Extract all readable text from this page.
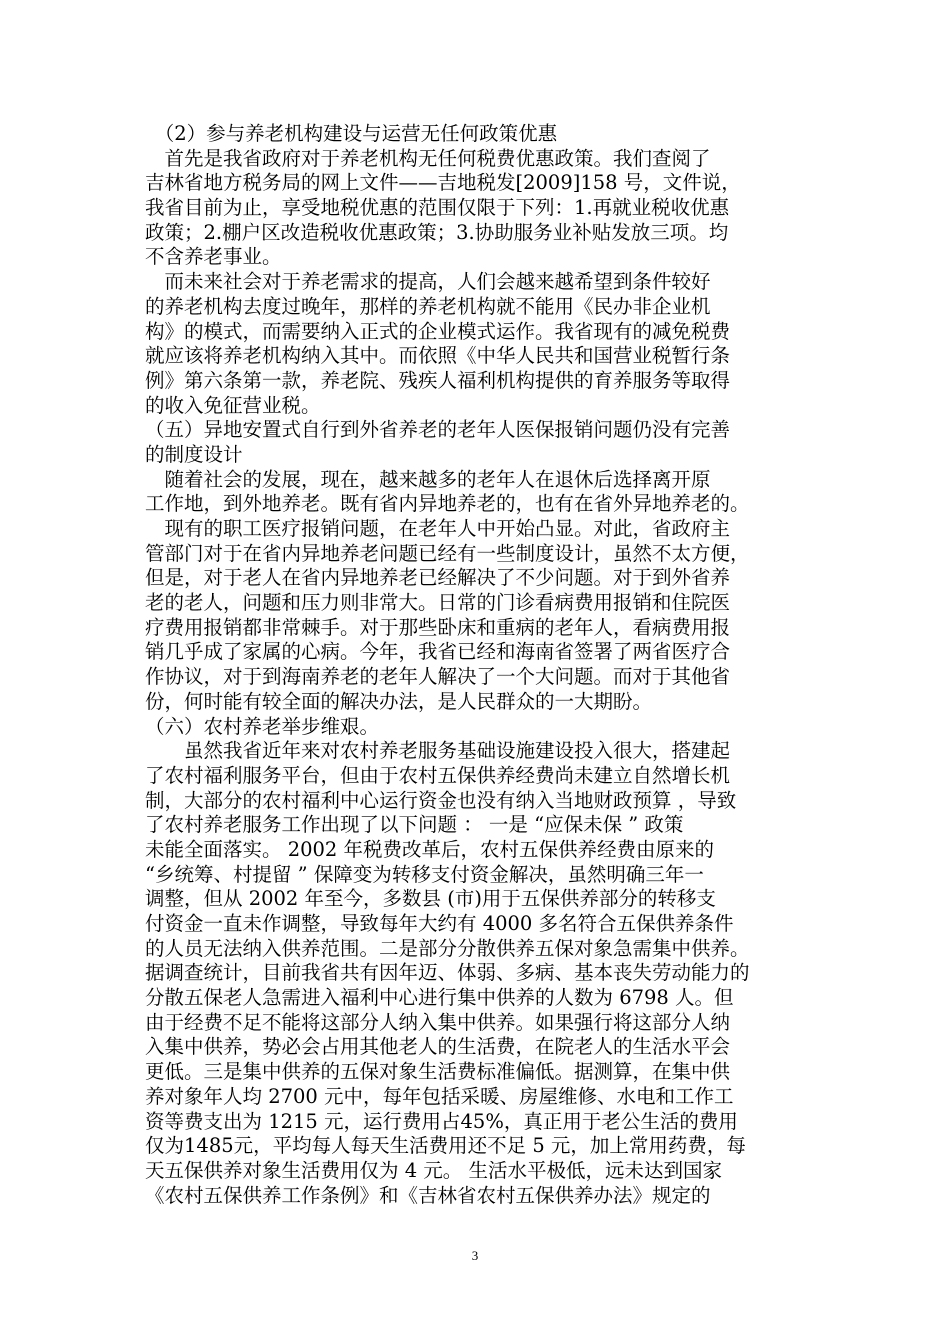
　（2）参与养老机构建设与运营无任何政策优惠
　首先是我省政府对于养老机构无任何税费优惠政策。我们查阅了
吉林省地方税务局的网上文件——吉地税发[2009]158 号，文件说，
我省目前为止，享受地税优惠的范围仅限于下列：1.再就业税收优惠
政策；2.棚户区改造税收优惠政策；3.协助服务业补贴发放三项。均
不含养老事业。
　而未来社会对于养老需求的提高，人们会越来越希望到条件较好
的养老机构去度过晚年，那样的养老机构就不能用《民办非企业机
构》的模式，而需要纳入正式的企业模式运作。我省现有的减免税费
就应该将养老机构纳入其中。而依照《中华人民共和国营业税暂行条
例》第六条第一款，养老院、残疾人福利机构提供的育养服务等取得
的收入免征营业税。
（五）异地安置式自行到外省养老的老年人医保报销问题仍没有完善
的制度设计
　随着社会的发展，现在，越来越多的老年人在退休后选择离开原
工作地，到外地养老。既有省内异地养老的，也有在省外异地养老的。
　现有的职工医疗报销问题，在老年人中开始凸显。对此，省政府主
管部门对于在省内异地养老问题已经有一些制度设计，虽然不太方便，
但是，对于老人在省内异地养老已经解决了不少问题。对于到外省养
老的老人，问题和压力则非常大。日常的门诊看病费用报销和住院医
疗费用报销都非常棘手。对于那些卧床和重病的老年人，看病费用报
销几乎成了家属的心病。今年，我省已经和海南省签署了两省医疗合
作协议，对于到海南养老的老年人解决了一个大问题。而对于其他省
份，何时能有较全面的解决办法，是人民群众的一大期盼。
（六）农村养老举步维艰。
　　虽然我省近年来对农村养老服务基础设施建设投入很大，搭建起
了农村福利服务平台，但由于农村五保供养经费尚未建立自然增长机
制，大部分的农村福利中心运行资金也没有纳入当地财政预算 ，导致
了农村养老服务工作出现了以下问题 ： 一是 “应保未保 ” 政策
未能全面落实。 2002 年税费改革后，农村五保供养经费由原来的
“乡统筹、村提留 ” 保障变为转移支付资金解决，虽然明确三年一
调整，但从 2002 年至今，多数县 (市)用于五保供养部分的转移支
付资金一直未作调整，导致每年大约有 4000 多名符合五保供养条件
的人员无法纳入供养范围。二是部分分散供养五保对象急需集中供养。
据调查统计，目前我省共有因年迈、体弱、多病、基本丧失劳动能力的
分散五保老人急需进入福利中心进行集中供养的人数为 6798 人。但
由于经费不足不能将这部分人纳入集中供养。如果强行将这部分人纳
入集中供养，势必会占用其他老人的生活费，在院老人的生活水平会
更低。三是集中供养的五保对象生活费标准偏低。据测算，在集中供
养对象年人均 2700 元中，每年包括采暖、房屋维修、水电和工作工
资等费支出为 1215 元，运行费用占45%，真正用于老公生活的费用
仅为1485元，平均每人每天生活费用还不足 5 元，加上常用药费，每
天五保供养对象生活费用仅为 4 元。 生活水平极低，远未达到国家
《农村五保供养工作条例》和《吉林省农村五保供养办法》规定的
3
